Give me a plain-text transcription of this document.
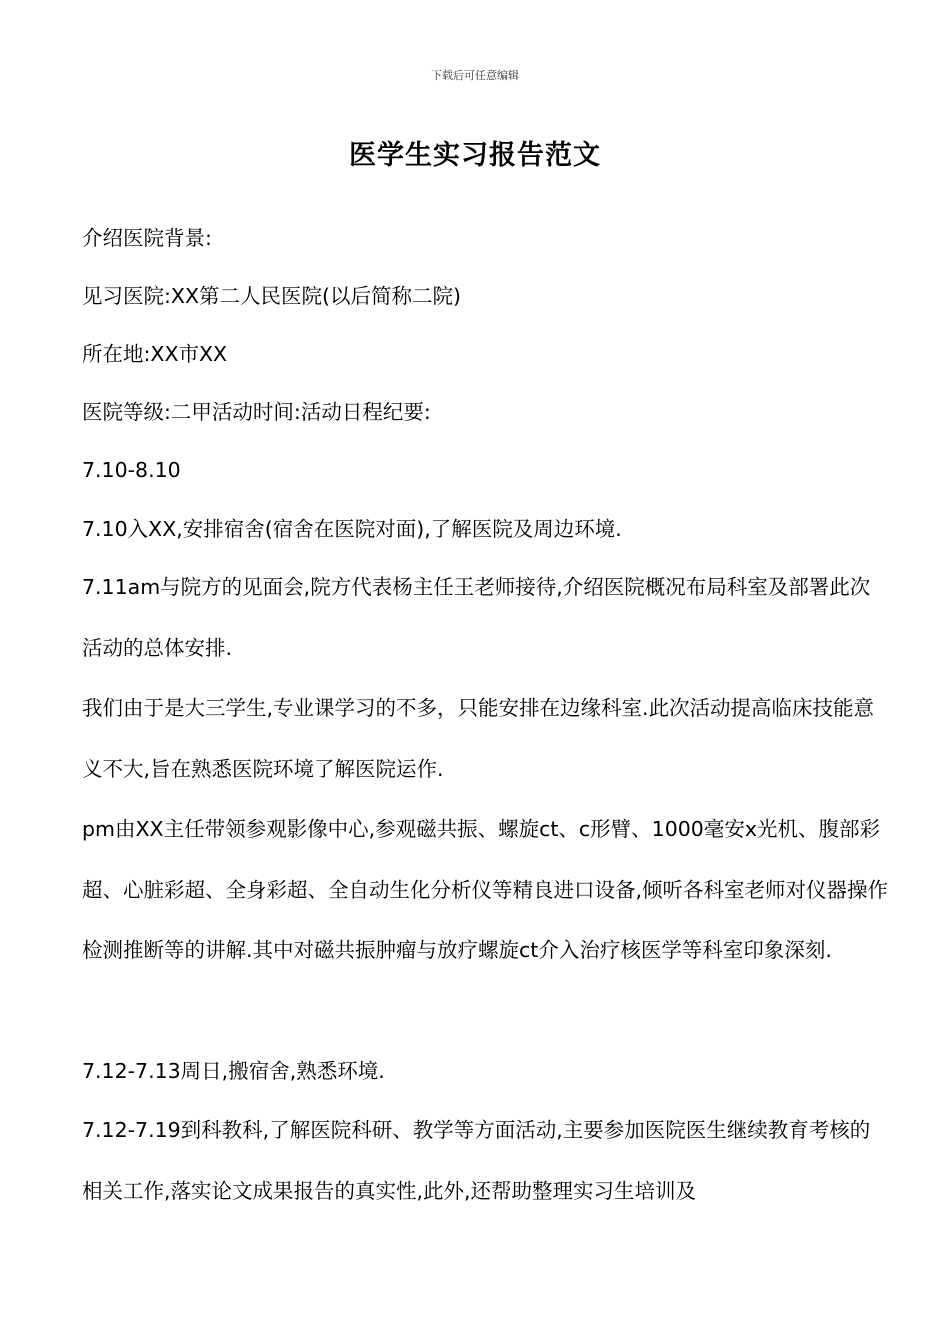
下载后可任意编辑
医学生实习报告范文
介绍医院背景:
见习医院:XX第二人民医院(以后简称二院)
所在地:XX市XX
医院等级:二甲活动时间:活动日程纪要:
7.10-8.10
7.10入XX,安排宿舍(宿舍在医院对面),了解医院及周边环境.
7.11am与院方的见面会,院方代表杨主任王老师接待,介绍医院概况布局科室及部署此次活动的总体安排.
我们由于是大三学生,专业课学习的不多，只能安排在边缘科室.此次活动提高临床技能意义不大,旨在熟悉医院环境了解医院运作.
pm由XX主任带领参观影像中心,参观磁共振、螺旋ct、c形臂、1000毫安x光机、腹部彩超、心脏彩超、全身彩超、全自动生化分析仪等精良进口设备,倾听各科室老师对仪器操作检测推断等的讲解.其中对磁共振肿瘤与放疗螺旋ct介入治疗核医学等科室印象深刻.
7.12-7.13周日,搬宿舍,熟悉环境.
7.12-7.19到科教科,了解医院科研、教学等方面活动,主要参加医院医生继续教育考核的相关工作,落实论文成果报告的真实性,此外,还帮助整理实习生培训及
